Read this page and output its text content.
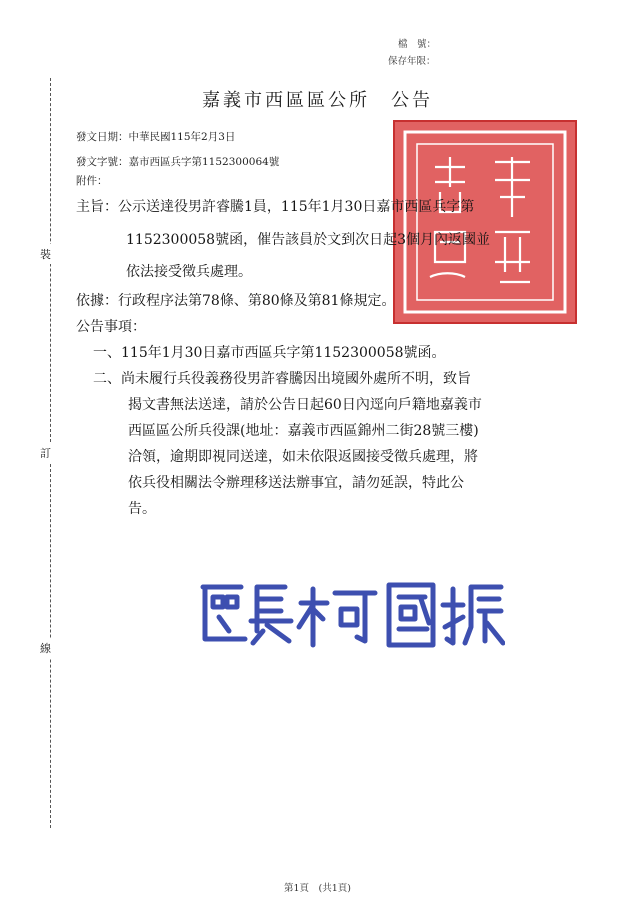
檔　號：
保存年限：
嘉義市西區區公所　公告
發文日期：中華民國115年2月3日
發文字號：嘉市西區兵字第1152300064號
附件：
主旨：公示送達役男許睿騰1員，115年1月30日嘉市西區兵字第
1152300058號函，催告該員於文到次日起3個月內返國並
依法接受徵兵處理。
依據：行政程序法第78條、第80條及第81條規定。
公告事項：
一、115年1月30日嘉市西區兵字第1152300058號函。
二、尚未履行兵役義務役男許睿騰因出境國外處所不明，致旨
揭文書無法送達，請於公告日起60日內逕向戶籍地嘉義市
西區區公所兵役課(地址：嘉義市西區錦州二街28號三樓)
洽領，逾期即視同送達，如未依限返國接受徵兵處理，將
依兵役相關法令辦理移送法辦事宜，請勿延誤，特此公
告。
裝
訂
線
第1頁　(共1頁)
